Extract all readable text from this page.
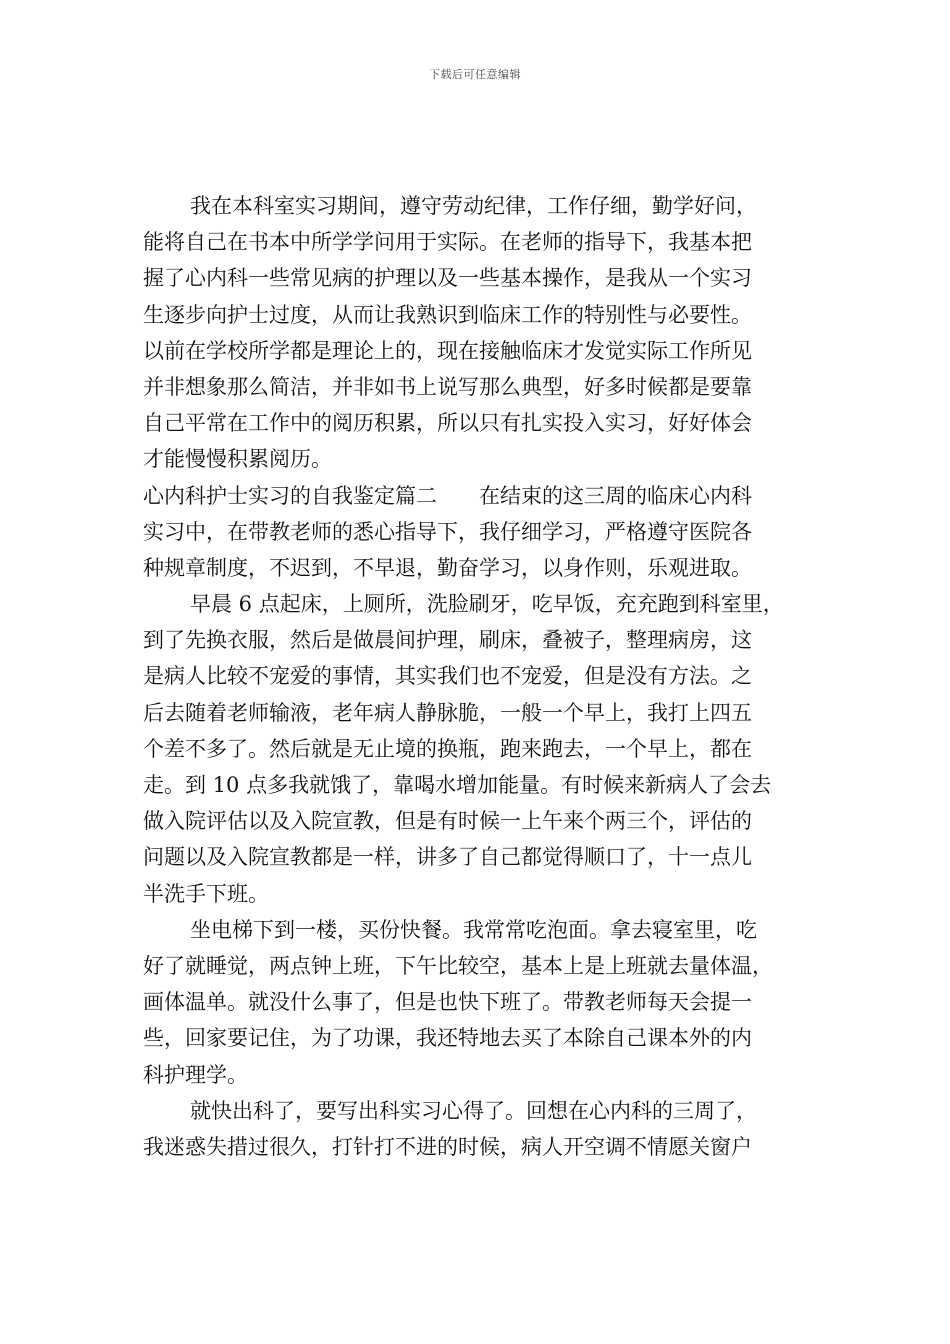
下载后可任意编辑
我在本科室实习期间，遵守劳动纪律，工作仔细，勤学好问，
能将自己在书本中所学学问用于实际。在老师的指导下，我基本把
握了心内科一些常见病的护理以及一些基本操作，是我从一个实习
生逐步向护士过度，从而让我熟识到临床工作的特别性与必要性。
以前在学校所学都是理论上的，现在接触临床才发觉实际工作所见
并非想象那么简洁，并非如书上说写那么典型，好多时候都是要靠
自己平常在工作中的阅历积累，所以只有扎实投入实习，好好体会
才能慢慢积累阅历。
心内科护士实习的自我鉴定篇二　　在结束的这三周的临床心内科
实习中，在带教老师的悉心指导下，我仔细学习，严格遵守医院各
种规章制度，不迟到，不早退，勤奋学习，以身作则，乐观进取。
早晨 6 点起床，上厕所，洗脸刷牙，吃早饭，充充跑到科室里，
到了先换衣服，然后是做晨间护理，刷床，叠被子，整理病房，这
是病人比较不宠爱的事情，其实我们也不宠爱，但是没有方法。之
后去随着老师输液，老年病人静脉脆，一般一个早上，我打上四五
个差不多了。然后就是无止境的换瓶，跑来跑去，一个早上，都在
走。到 10 点多我就饿了，靠喝水增加能量。有时候来新病人了会去
做入院评估以及入院宣教，但是有时候一上午来个两三个，评估的
问题以及入院宣教都是一样，讲多了自己都觉得顺口了，十一点儿
半洗手下班。
坐电梯下到一楼，买份快餐。我常常吃泡面。拿去寝室里，吃
好了就睡觉，两点钟上班，下午比较空，基本上是上班就去量体温，
画体温单。就没什么事了，但是也快下班了。带教老师每天会提一
些，回家要记住，为了功课，我还特地去买了本除自己课本外的内
科护理学。
就快出科了，要写出科实习心得了。回想在心内科的三周了，
我迷惑失措过很久，打针打不进的时候，病人开空调不情愿关窗户
